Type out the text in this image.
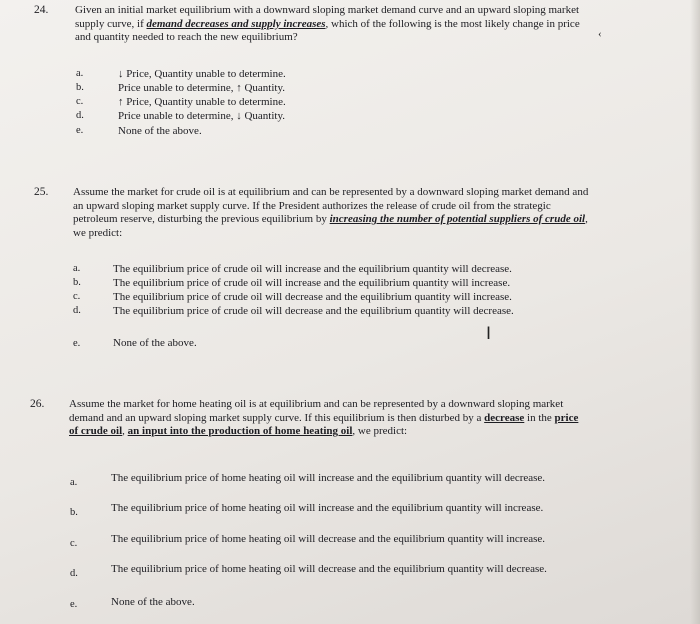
24. Given an initial market equilibrium with a downward sloping market demand curve and an upward sloping market supply curve, if demand decreases and supply increases, which of the following is the most likely change in price and quantity needed to reach the new equilibrium?	‹
a.	↓ Price, Quantity unable to determine.
b.	Price unable to determine, ↑ Quantity.
c.	↑ Price, Quantity unable to determine.
d.	Price unable to determine, ↓ Quantity.
e.	None of the above.
25. Assume the market for crude oil is at equilibrium and can be represented by a downward sloping market demand and an upward sloping market supply curve. If the President authorizes the release of crude oil from the strategic petroleum reserve, disturbing the previous equilibrium by increasing the number of potential suppliers of crude oil, we predict:
a.	The equilibrium price of crude oil will increase and the equilibrium quantity will decrease.
b.	The equilibrium price of crude oil will increase and the equilibrium quantity will increase.
c.	The equilibrium price of crude oil will decrease and the equilibrium quantity will increase.
d.	The equilibrium price of crude oil will decrease and the equilibrium quantity will decrease.
e.	None of the above.	I
26. Assume the market for home heating oil is at equilibrium and can be represented by a downward sloping market demand and an upward sloping market supply curve. If this equilibrium is then disturbed by a decrease in the price of crude oil, an input into the production of home heating oil, we predict:
a.	The equilibrium price of home heating oil will increase and the equilibrium quantity will decrease.
b.	The equilibrium price of home heating oil will increase and the equilibrium quantity will increase.
c.	The equilibrium price of home heating oil will decrease and the equilibrium quantity will increase.
d.	The equilibrium price of home heating oil will decrease and the equilibrium quantity will decrease.
e.	None of the above.
